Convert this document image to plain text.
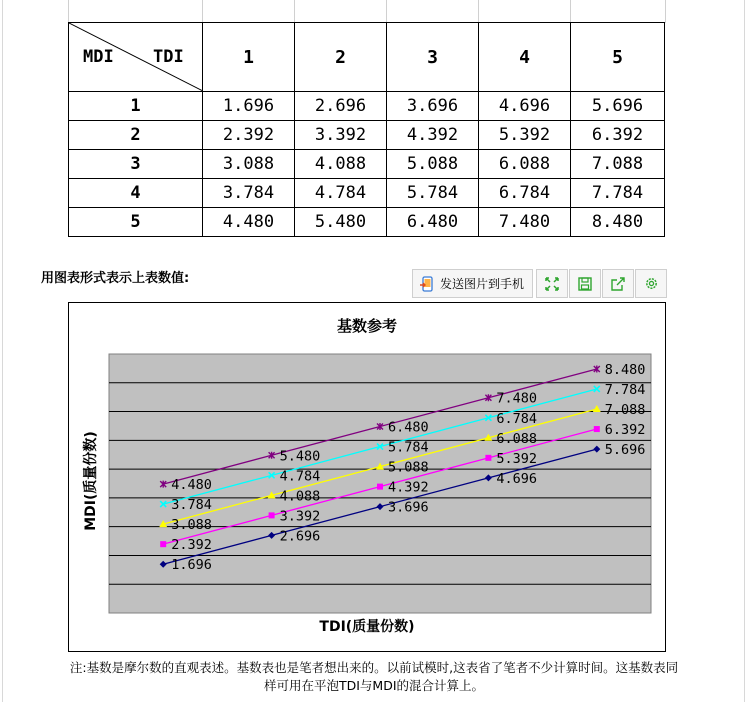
MDI TDI	1	2	3	4	5
1	1.696	2.696	3.696	4.696	5.696
2	2.392	3.392	4.392	5.392	6.392
3	3.088	4.088	5.088	6.088	7.088
4	3.784	4.784	5.784	6.784	7.784
5	4.480	5.480	6.480	7.480	8.480
用图表形式表示上表数值:	发送图片到手机
基数参考
1.696
2.696
3.696
4.696
5.696
2.392
3.392
4.392
5.392
6.392
3.088
4.088
5.088
6.088
7.088
3.784
4.784
5.784
6.784
7.784
4.480
5.480
6.480
7.480
8.480
TDI(质量份数)
MDI(质量份数)
注:基数是摩尔数的直观表述。基数表也是笔者想出来的。以前试模时,这表省了笔者不少计算时间。这基数表同
样可用在平泡TDI与MDI的混合计算上。
